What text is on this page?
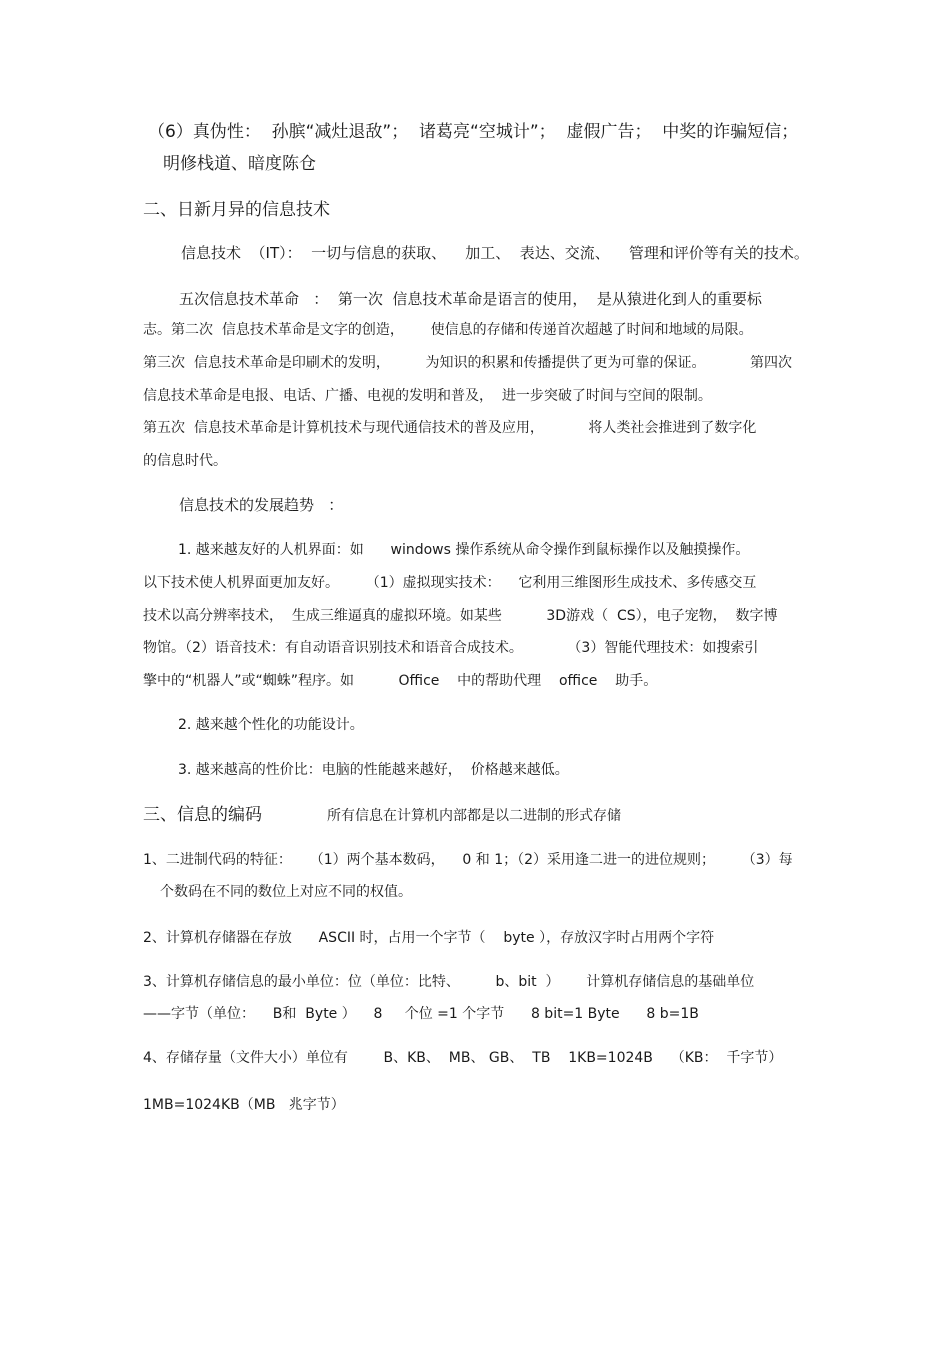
（6）真伪性：  孙膑“减灶退敌”；  诸葛亮“空城计”；  虚假广告；  中奖的诈骗短信；
明修栈道、暗度陈仓
二、日新月异的信息技术
信息技术  （IT）：  一切与信息的获取、    加工、  表达、交流、    管理和评价等有关的技术。
五次信息技术革命   ：  第一次  信息技术革命是语言的使用，  是从猿进化到人的重要标
志。第二次  信息技术革命是文字的创造，      使信息的存储和传递首次超越了时间和地域的局限。
第三次  信息技术革命是印刷术的发明，        为知识的积累和传播提供了更为可靠的保证。          第四次
信息技术革命是电报、电话、广播、电视的发明和普及，  进一步突破了时间与空间的限制。
第五次  信息技术革命是计算机技术与现代通信技术的普及应用，          将人类社会推进到了数字化
的信息时代。
信息技术的发展趋势   ：
1. 越来越友好的人机界面：如      windows 操作系统从命令操作到鼠标操作以及触摸操作。
以下技术使人机界面更加友好。      （1）虚拟现实技术：    它利用三维图形生成技术、多传感交互
技术以高分辨率技术，  生成三维逼真的虚拟环境。如某些          3D游戏（  CS），电子宠物，  数字博
物馆。（2）语音技术：有自动语音识别技术和语音合成技术。          （3）智能代理技术：如搜索引
擎中的“机器人”或“蜘蛛”程序。如          Office    中的帮助代理    office    助手。
2. 越来越个性化的功能设计。
3. 越来越高的性价比：电脑的性能越来越好，  价格越来越低。
三、信息的编码	所有信息在计算机内部都是以二进制的形式存储
1、二进制代码的特征：    （1）两个基本数码，    0 和 1；（2）采用逢二进一的进位规则；      （3）每
个数码在不同的数位上对应不同的权值。
2、计算机存储器在存放      ASCII 时，占用一个字节（    byte ），存放汉字时占用两个字符
3、计算机存储信息的最小单位：位（单位：比特、        b、bit  ）      计算机存储信息的基础单位
——字节（单位：    B和  Byte ）    8     个位 =1 个字节      8 bit=1 Byte      8 b=1B
4、存储存量（文件大小）单位有        B、KB、  MB、 GB、  TB    1KB=1024B    （KB：  千字节）
1MB=1024KB（MB   兆字节）
